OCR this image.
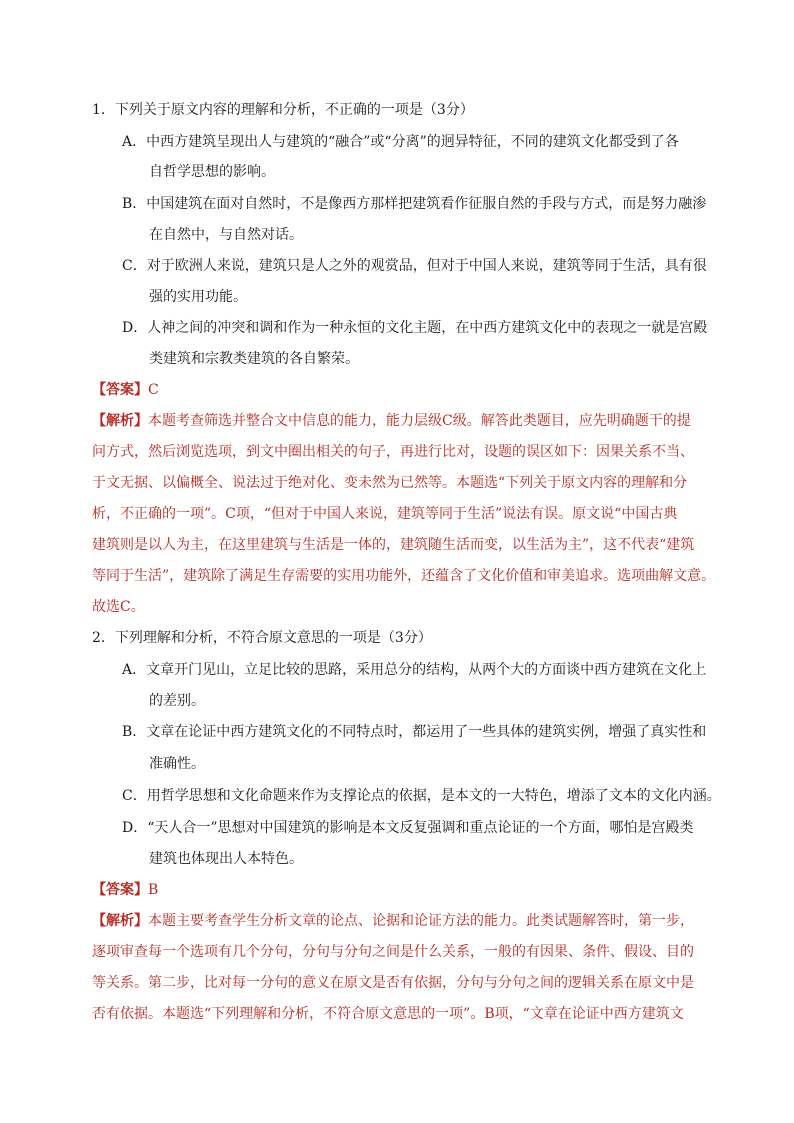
1．下列关于原文内容的理解和分析，不正确的一项是（3分）
A．中西方建筑呈现出人与建筑的“融合”或“分离”的迥异特征，不同的建筑文化都受到了各
自哲学思想的影响。
B．中国建筑在面对自然时，不是像西方那样把建筑看作征服自然的手段与方式，而是努力融渗
在自然中，与自然对话。
C．对于欧洲人来说，建筑只是人之外的观赏品，但对于中国人来说，建筑等同于生活，具有很
强的实用功能。
D．人神之间的冲突和调和作为一种永恒的文化主题，在中西方建筑文化中的表现之一就是宫殿
类建筑和宗教类建筑的各自繁荣。
【答案】C
【解析】本题考查筛选并整合文中信息的能力，能力层级C级。解答此类题目，应先明确题干的提
问方式，然后浏览选项，到文中圈出相关的句子，再进行比对，设题的误区如下：因果关系不当、
于文无据、以偏概全、说法过于绝对化、变未然为已然等。本题选“下列关于原文内容的理解和分
析，不正确的一项”。C项，“但对于中国人来说，建筑等同于生活”说法有误。原文说“中国古典
建筑则是以人为主，在这里建筑与生活是一体的，建筑随生活而变，以生活为主”，这不代表“建筑
等同于生活”，建筑除了满足生存需要的实用功能外，还蕴含了文化价值和审美追求。选项曲解文意。
故选C。
2．下列理解和分析，不符合原文意思的一项是（3分）
A．文章开门见山，立足比较的思路，采用总分的结构，从两个大的方面谈中西方建筑在文化上
的差别。
B．文章在论证中西方建筑文化的不同特点时，都运用了一些具体的建筑实例，增强了真实性和
准确性。
C．用哲学思想和文化命题来作为支撑论点的依据，是本文的一大特色，增添了文本的文化内涵。
D．“天人合一”思想对中国建筑的影响是本文反复强调和重点论证的一个方面，哪怕是宫殿类
建筑也体现出人本特色。
【答案】B
【解析】本题主要考查学生分析文章的论点、论据和论证方法的能力。此类试题解答时，第一步，
逐项审查每一个选项有几个分句，分句与分句之间是什么关系，一般的有因果、条件、假设、目的
等关系。第二步，比对每一分句的意义在原文是否有依据，分句与分句之间的逻辑关系在原文中是
否有依据。本题选“下列理解和分析，不符合原文意思的一项”。B项，“文章在论证中西方建筑文
